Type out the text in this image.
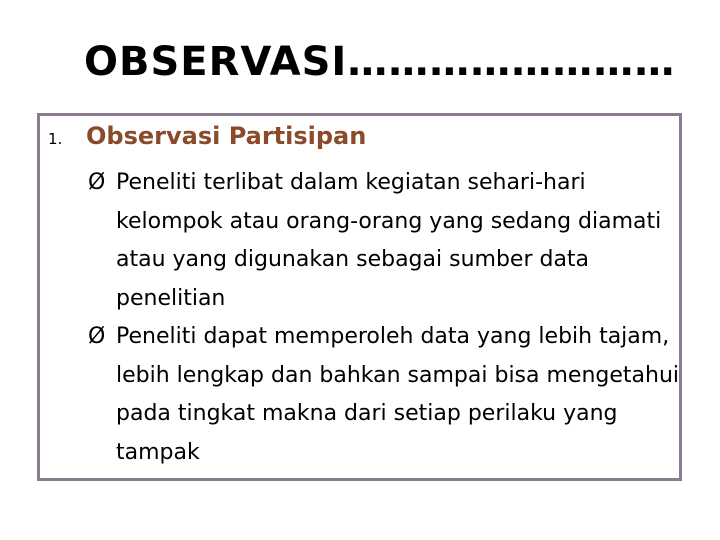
OBSERVASI……………………
1. Observasi Partisipan
Ø Peneliti terlibat dalam kegiatan sehari-hari kelompok atau orang-orang yang sedang diamati atau yang digunakan sebagai sumber data penelitian
Ø Peneliti dapat memperoleh data yang lebih tajam, lebih lengkap dan bahkan sampai bisa mengetahui pada tingkat makna dari setiap perilaku yang tampak
